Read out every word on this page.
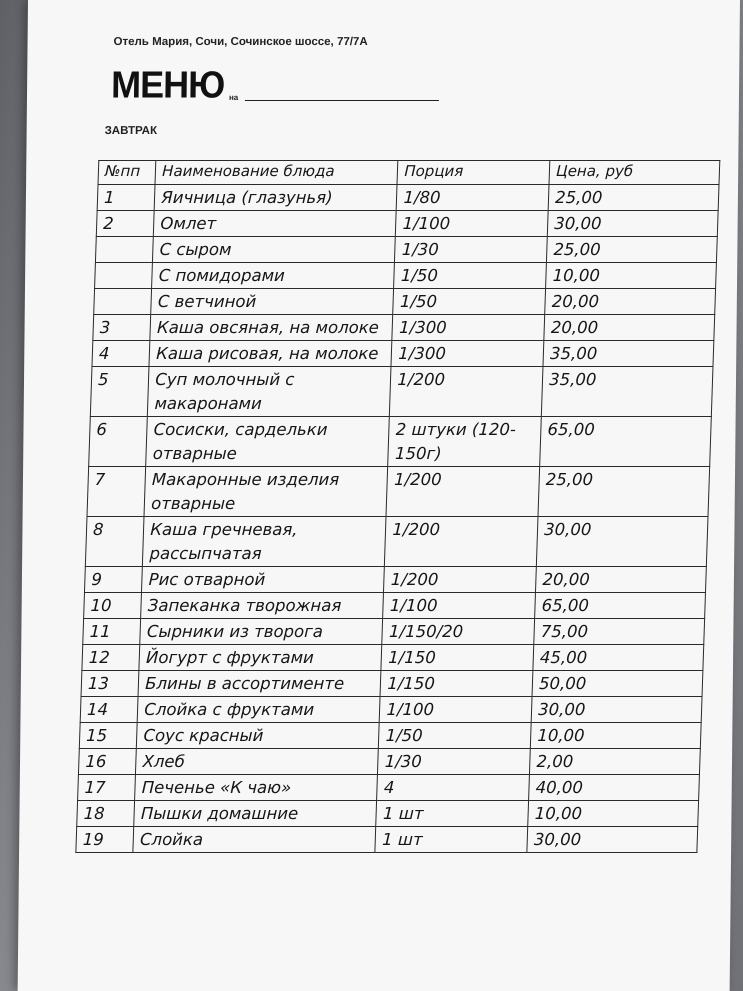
Отель Мария, Сочи, Сочинское шоссе, 77/7А
МЕНЮ на
ЗАВТРАК
№пп	Наименование блюда	Порция	Цена, руб
1	Яичница (глазунья)	1/80	25,00
2	Омлет	1/100	30,00
	С сыром	1/30	25,00
	С помидорами	1/50	10,00
	С ветчиной	1/50	20,00
3	Каша овсяная, на молоке	1/300	20,00
4	Каша рисовая, на молоке	1/300	35,00
5	Суп молочный с макаронами	1/200	35,00
6	Сосиски, сардельки отварные	2 штуки (120-150г)	65,00
7	Макаронные изделия отварные	1/200	25,00
8	Каша гречневая, рассыпчатая	1/200	30,00
9	Рис отварной	1/200	20,00
10	Запеканка творожная	1/100	65,00
11	Сырники из творога	1/150/20	75,00
12	Йогурт с фруктами	1/150	45,00
13	Блины в ассортименте	1/150	50,00
14	Слойка с фруктами	1/100	30,00
15	Соус красный	1/50	10,00
16	Хлеб	1/30	2,00
17	Печенье «К чаю»	4	40,00
18	Пышки домашние	1 шт	10,00
19	Слойка	1 шт	30,00
